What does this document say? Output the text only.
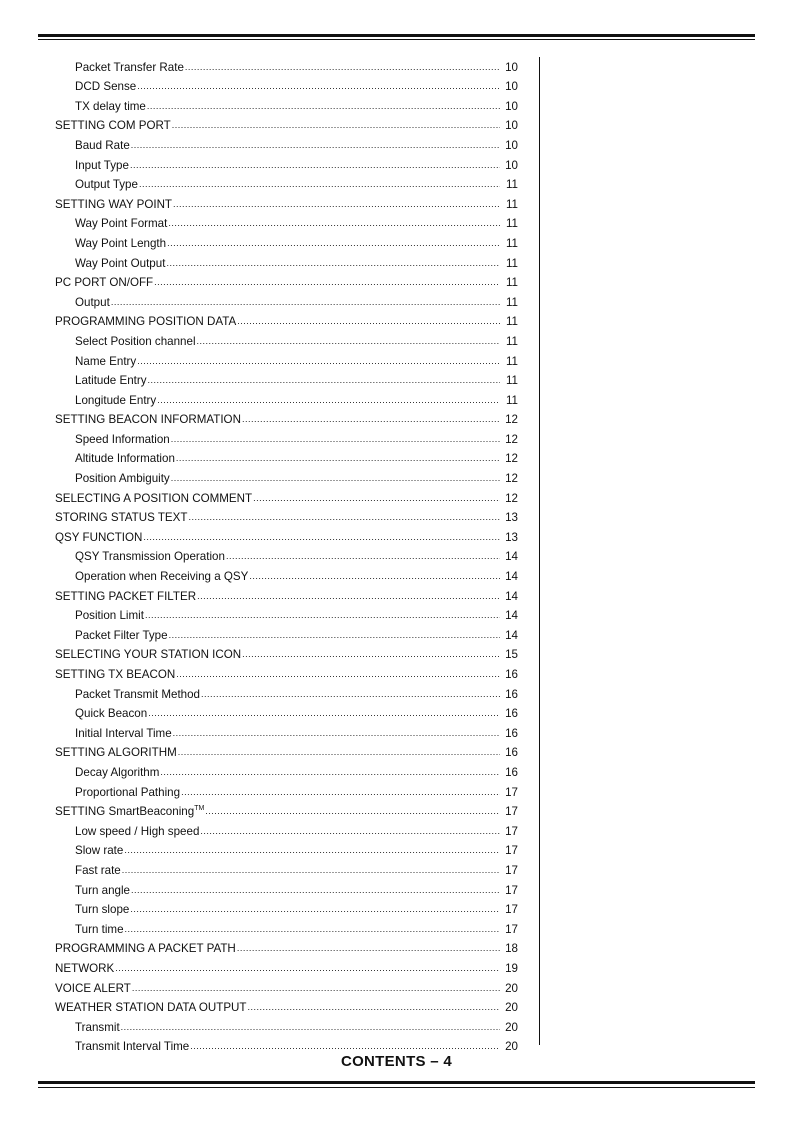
Packet Transfer Rate .....	10
DCD Sense .....	10
TX delay time .....	10
SETTING COM PORT .....	10
Baud Rate .....	10
Input Type .....	10
Output Type .....	11
SETTING WAY POINT .....	11
Way Point Format .....	11
Way Point Length .....	11
Way Point Output .....	11
PC PORT ON/OFF .....	11
Output .....	11
PROGRAMMING POSITION DATA .....	11
Select Position channel .....	11
Name Entry .....	11
Latitude Entry .....	11
Longitude Entry .....	11
SETTING BEACON INFORMATION .....	12
Speed Information .....	12
Altitude Information .....	12
Position Ambiguity .....	12
SELECTING A POSITION COMMENT .....	12
STORING STATUS TEXT .....	13
QSY FUNCTION .....	13
QSY Transmission Operation .....	14
Operation when Receiving a QSY .....	14
SETTING PACKET FILTER .....	14
Position Limit .....	14
Packet Filter Type .....	14
SELECTING YOUR STATION ICON .....	15
SETTING TX BEACON .....	16
Packet Transmit Method .....	16
Quick Beacon .....	16
Initial Interval Time .....	16
SETTING ALGORITHM .....	16
Decay Algorithm .....	16
Proportional Pathing .....	17
SETTING SmartBeaconing™ .....	17
Low speed / High speed .....	17
Slow rate .....	17
Fast rate .....	17
Turn angle .....	17
Turn slope .....	17
Turn time .....	17
PROGRAMMING A PACKET PATH .....	18
NETWORK .....	19
VOICE ALERT .....	20
WEATHER STATION DATA OUTPUT .....	20
Transmit .....	20
Transmit Interval Time .....	20
CONTENTS – 4
